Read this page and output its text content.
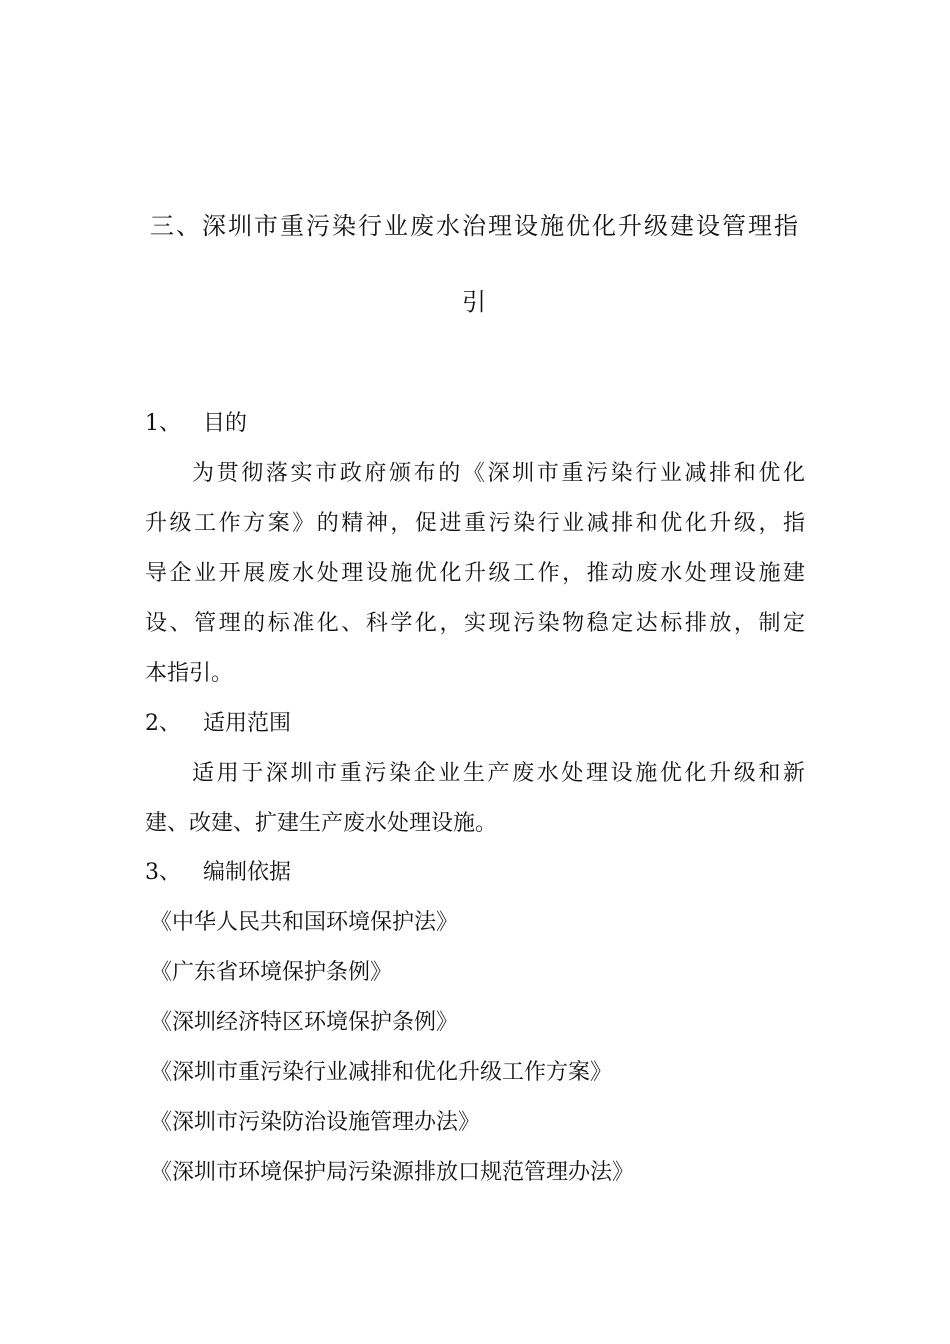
三、深圳市重污染行业废水治理设施优化升级建设管理指
引
1、 目的
为贯彻落实市政府颁布的《深圳市重污染行业减排和优化
升级工作方案》的精神，促进重污染行业减排和优化升级，指
导企业开展废水处理设施优化升级工作，推动废水处理设施建
设、管理的标准化、科学化，实现污染物稳定达标排放，制定
本指引。
2、 适用范围
适用于深圳市重污染企业生产废水处理设施优化升级和新
建、改建、扩建生产废水处理设施。
3、 编制依据
《中华人民共和国环境保护法》
《广东省环境保护条例》
《深圳经济特区环境保护条例》
《深圳市重污染行业减排和优化升级工作方案》
《深圳市污染防治设施管理办法》
《深圳市环境保护局污染源排放口规范管理办法》
